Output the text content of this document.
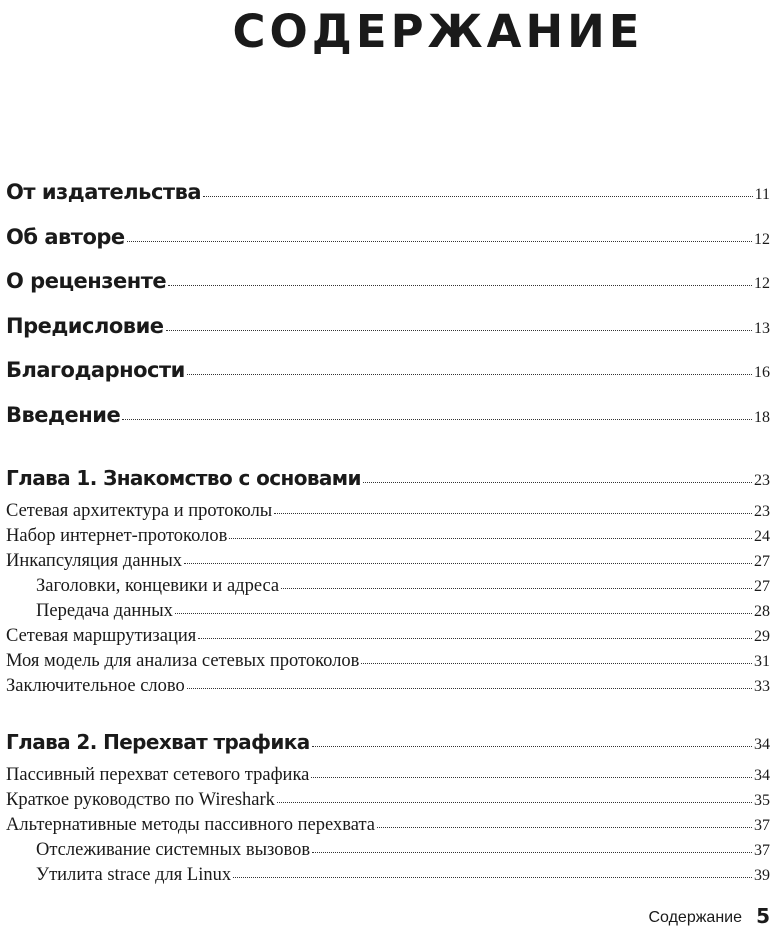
СОДЕРЖАНИЕ
От издательства	11
Об авторе	12
О рецензенте	12
Предисловие	13
Благодарности	16
Введение	18
Глава 1. Знакомство с основами	23
Сетевая архитектура и протоколы	23
Набор интернет-протоколов	24
Инкапсуляция данных	27
Заголовки, концевики и адреса	27
Передача данных	28
Сетевая маршрутизация	29
Моя модель для анализа сетевых протоколов	31
Заключительное слово	33
Глава 2. Перехват трафика	34
Пассивный перехват сетевого трафика	34
Краткое руководство по Wireshark	35
Альтернативные методы пассивного перехвата	37
Отслеживание системных вызовов	37
Утилита strace для Linux	39
Содержание 5
